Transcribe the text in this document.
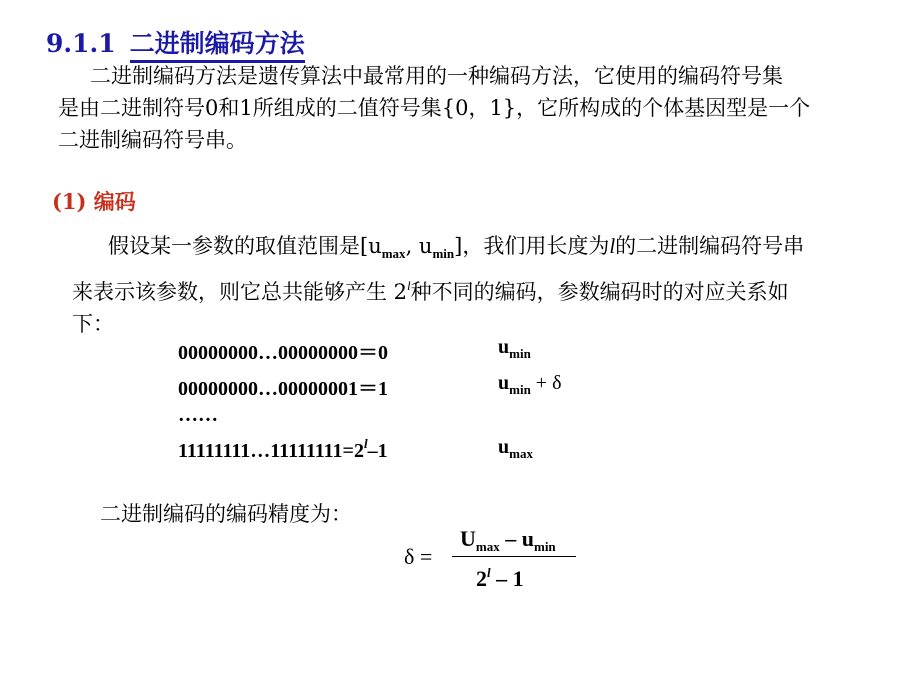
9.1.1 二进制编码方法
二进制编码方法是遗传算法中最常用的一种编码方法，它使用的编码符号集
是由二进制符号0和1所组成的二值符号集{0，1}，它所构成的个体基因型是一个
二进制编码符号串。
(1) 编码
假设某一参数的取值范围是[$u_{max}$, $u_{min}$]，我们用长度为l的二进制编码符号串
来表示该参数，则它总共能够产生 2$^l$种不同的编码，参数编码时的对应关系如
下：
00000000…00000000＝0	$u_{min}$
00000000…00000001＝1	$u_{min} + \delta$
……
$11111111\dots 11111111=2^l-1$	$u_{max}$
二进制编码的编码精度为：
δ =
$U_{max} - u_{min}$
2$^l$ – 1
